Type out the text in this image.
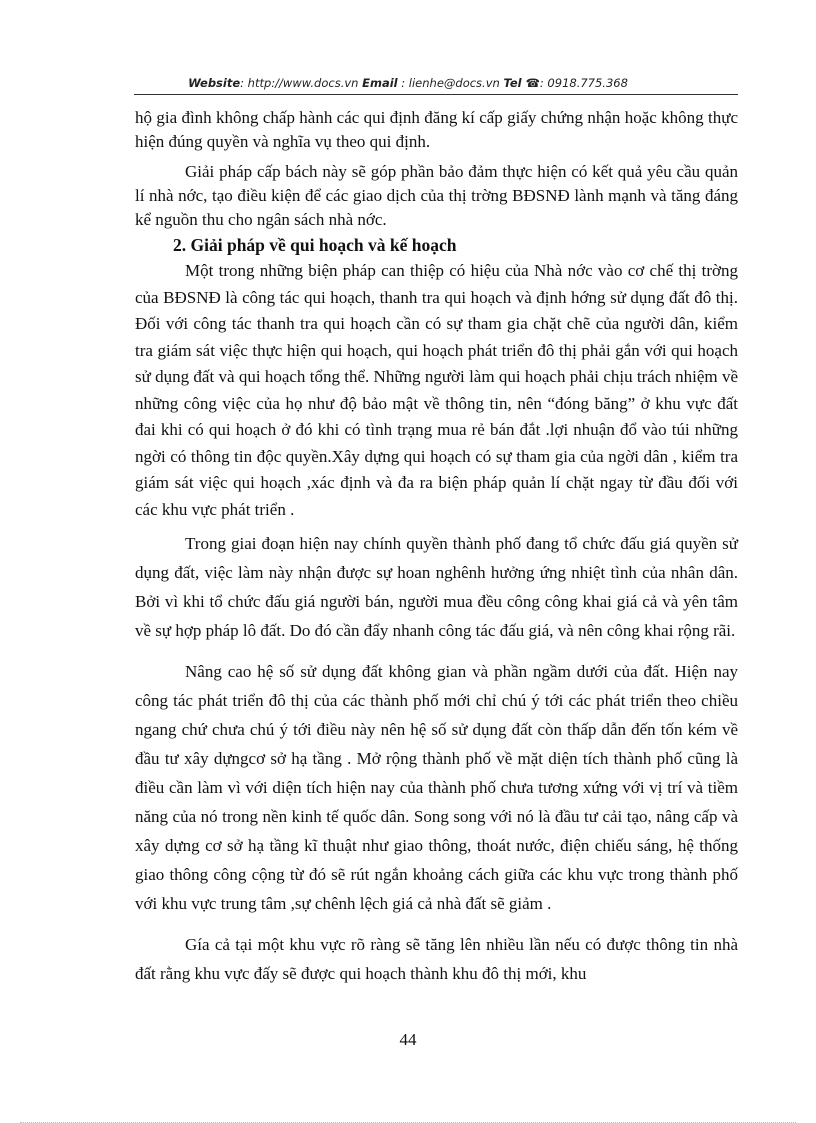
Website: http://www.docs.vn Email : lienhe@docs.vn Tel ☎: 0918.775.368

hộ gia đình không chấp hành các qui định đăng kí cấp giấy chứng nhận hoặc không thực hiện đúng quyền và nghĩa vụ theo qui định.

Giải pháp cấp bách này sẽ góp phần bảo đảm thực hiện có kết quả yêu cầu quản lí nhà nớc, tạo điều kiện để các giao dịch của thị trờng BĐSNĐ lành mạnh và tăng đáng kể nguồn thu cho ngân sách nhà nớc.

2. Giải pháp về qui hoạch và kế hoạch

Một trong những biện pháp can thiệp có hiệu của Nhà nớc vào cơ chế thị trờng của BĐSNĐ là công tác qui hoạch, thanh tra qui hoạch và định hớng sử dụng đất đô thị. Đối với công tác thanh tra qui hoạch cần có sự tham gia chặt chẽ của người dân, kiểm tra giám sát việc thực hiện qui hoạch, qui hoạch phát triển đô thị phải gắn với qui hoạch sử dụng đất và qui hoạch tổng thể. Những người làm qui hoạch phải chịu trách nhiệm về những công việc của họ như độ bảo mật về thông tin, nên “đóng băng” ở khu vực đất đai khi có qui hoạch ở đó khi có tình trạng mua rẻ bán đắt .lợi nhuận đổ vào túi những ngời có thông tin độc quyền.Xây dựng qui hoạch có sự tham gia của ngời dân , kiểm tra giám sát việc qui hoạch ,xác định và đa ra biện pháp quản lí chặt ngay từ đầu đối với các khu vực phát triển .

Trong giai đoạn hiện nay chính quyền thành phố đang tổ chức đấu giá quyền sử dụng đất, việc làm này nhận được sự hoan nghênh hưởng ứng nhiệt tình của nhân dân. Bởi vì khi tổ chức đấu giá người bán, người mua đều công công khai giá cả và yên tâm về sự hợp pháp lô đất. Do đó cần đẩy nhanh công tác đấu giá, và nên công khai rộng rãi.

Nâng cao hệ số sử dụng đất không gian và phần ngầm dưới của đất. Hiện nay công tác phát triển đô thị của các thành phố mới chỉ chú ý tới các phát triển theo chiều ngang chứ chưa chú ý tới điều này nên hệ số sử dụng đất còn thấp dẫn đến tốn kém về đầu tư xây dựngcơ sở hạ tầng . Mở rộng thành phố về mặt diện tích thành phố cũng là điều cần làm vì với diện tích hiện nay của thành phố chưa tương xứng với vị trí và tiềm năng của nó trong nền kinh tế quốc dân. Song song với nó là đầu tư cải tạo, nâng cấp và xây dựng cơ sở hạ tầng kĩ thuật như giao thông, thoát nước, điện chiếu sáng, hệ thống giao thông công cộng từ đó sẽ rút ngắn khoảng cách giữa các khu vực trong thành phố với khu vực trung tâm ,sự chênh lệch giá cả nhà đất sẽ giảm .

Gía cả tại một khu vực rõ ràng sẽ tăng lên nhiều lần nếu có được thông tin nhà đất rằng khu vực đấy sẽ được qui hoạch thành khu đô thị mới, khu

44
